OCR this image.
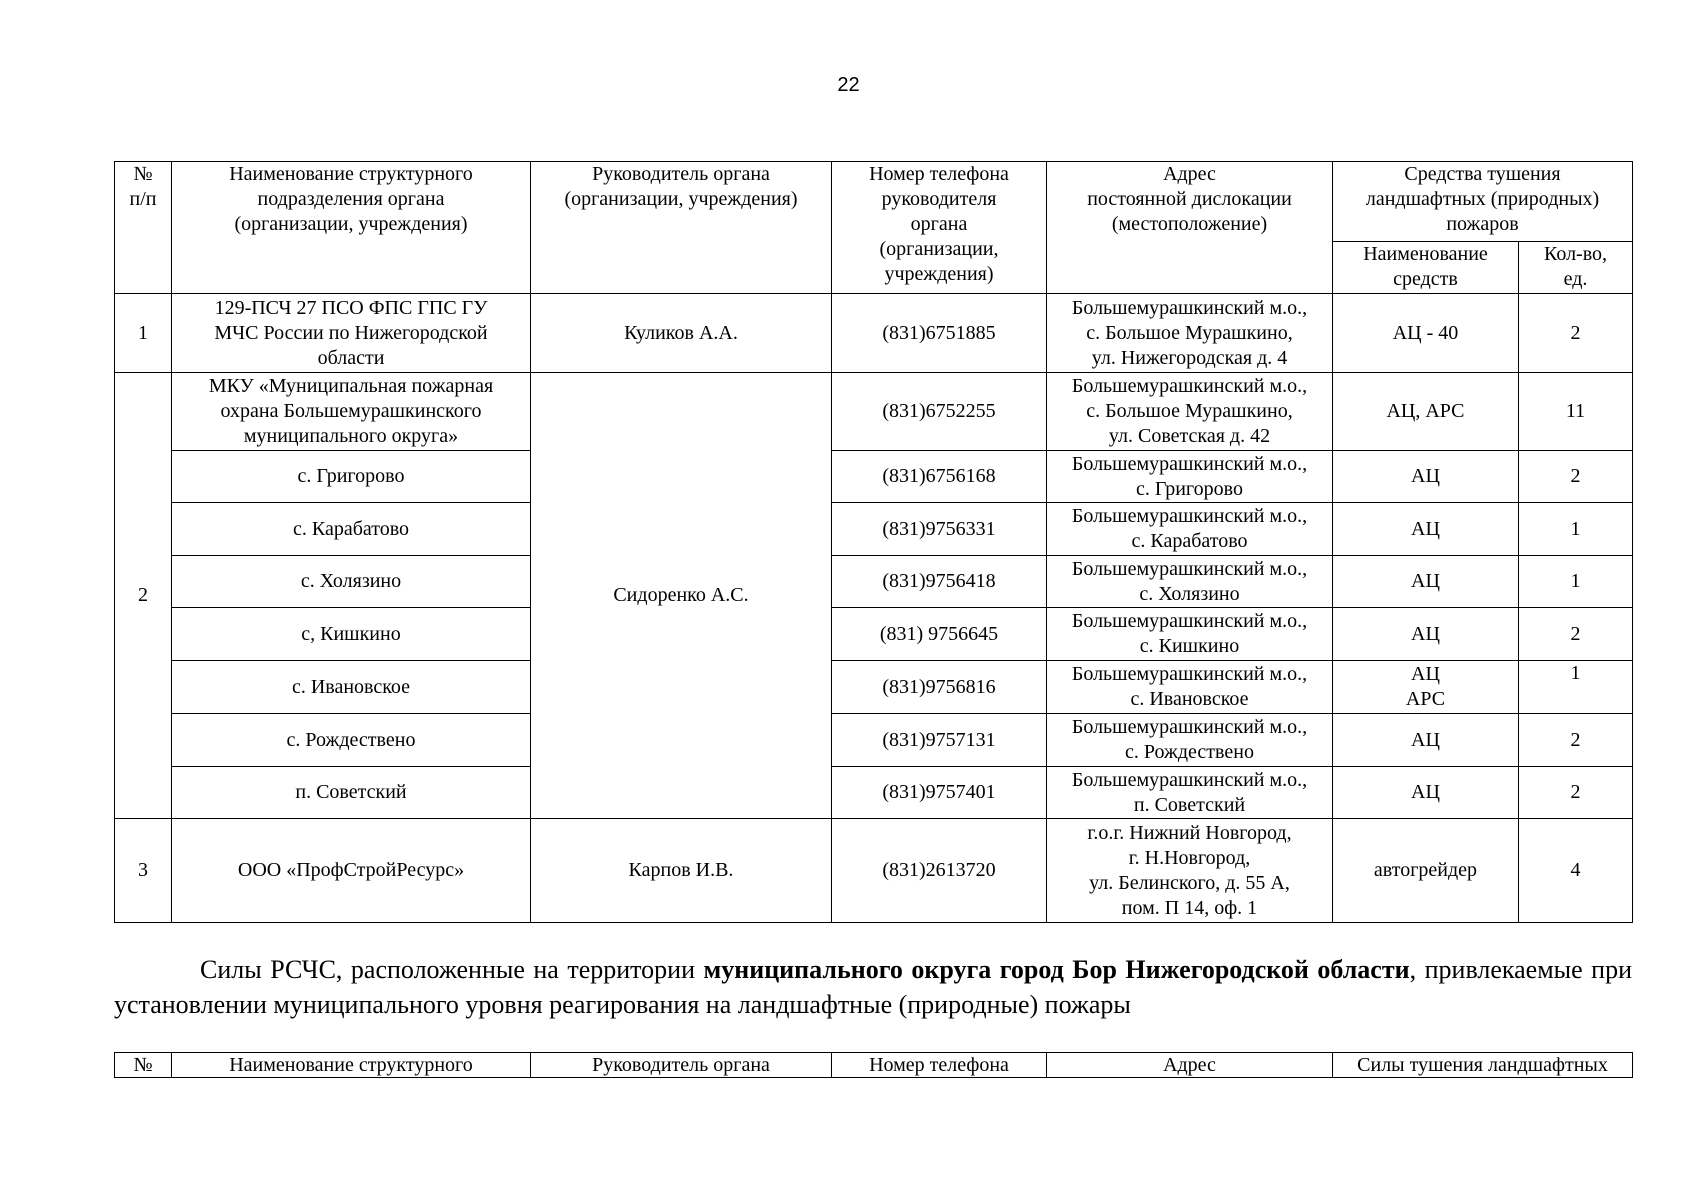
22
№
п/п	Наименование структурного
подразделения органа
(организации, учреждения)	Руководитель органа
(организации, учреждения)	Номер телефона
руководителя
органа
(организации,
учреждения)	Адрес
постоянной дислокации
(местоположение)	Средства тушения
ландшафтных (природных)
пожаров	
					Наименование
средств	Кол-во,
ед.
1	129-ПСЧ 27 ПСО ФПС ГПС ГУ
МЧС России по Нижегородской
области	Куликов А.А.	(831)6751885	Большемурашкинский м.о.,
с. Большое Мурашкино,
ул. Нижегородская д. 4	АЦ - 40	2
2	МКУ «Муниципальная пожарная
охрана Большемурашкинского
муниципального округа»	Сидоренко А.С.	(831)6752255	Большемурашкинский м.о.,
с. Большое Мурашкино,
ул. Советская д. 42	АЦ, АРС	11
	с. Григорово		(831)6756168	Большемурашкинский м.о.,
с. Григорово	АЦ	2
	с. Карабатово		(831)9756331	Большемурашкинский м.о.,
с. Карабатово	АЦ	1
	с. Холязино		(831)9756418	Большемурашкинский м.о.,
с. Холязино	АЦ	1
	с, Кишкино		(831) 9756645	Большемурашкинский м.о.,
с. Кишкино	АЦ	2
	с. Ивановское		(831)9756816	Большемурашкинский м.о.,
с. Ивановское	АЦ
АРС	1
	с. Рождествено		(831)9757131	Большемурашкинский м.о.,
с. Рождествено	АЦ	2
	п. Советский		(831)9757401	Большемурашкинский м.о.,
п. Советский	АЦ	2
3	ООО «ПрофСтройРесурс»	Карпов И.В.	(831)2613720	г.о.г. Нижний Новгород,
г. Н.Новгород,
ул. Белинского, д. 55 А,
пом. П 14, оф. 1	автогрейдер	4
Силы РСЧС, расположенные на территории муниципального округа город Бор Нижегородской области, привлекаемые при установлении муниципального уровня реагирования на ландшафтные (природные) пожары
№	Наименование структурного	Руководитель органа	Номер телефона	Адрес	Силы тушения ландшафтных
